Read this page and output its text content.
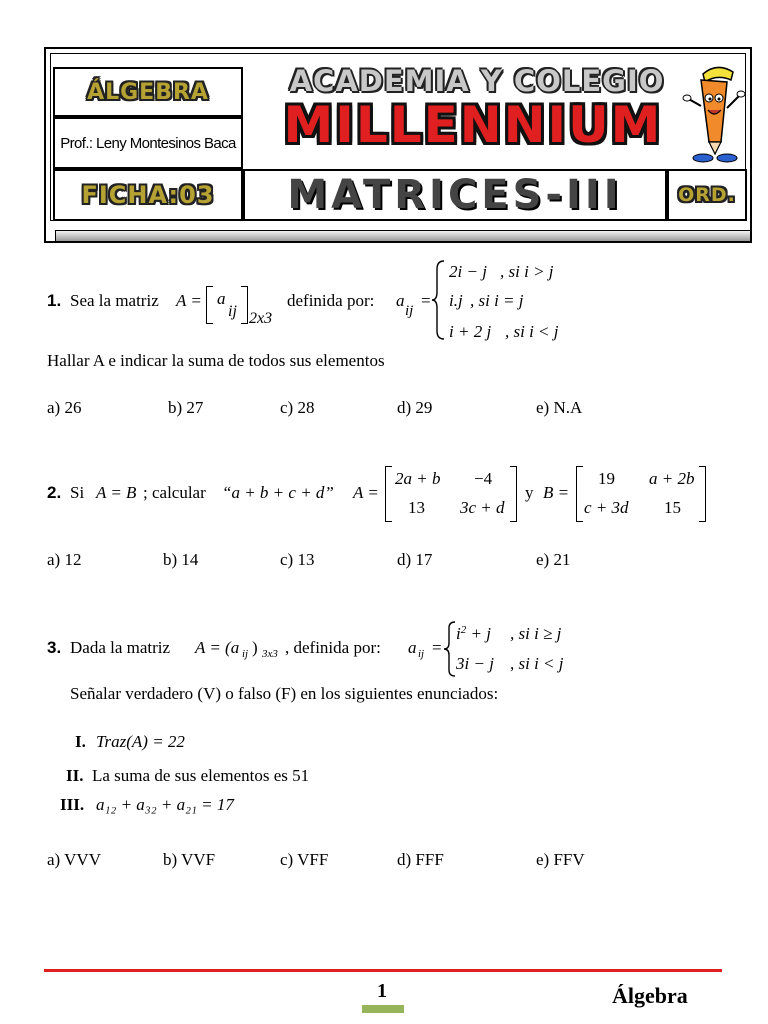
ÁLGEBRA
Prof.: Leny Montesinos Baca
FICHA:03 MATRICES-III	ORD.
ACADEMIA Y COLEGIO
MILLENNIUM
1. Sea la matriz A = a
ij 2x3
definida por: a
ij
=
2i − j , si i > j
i.j , si i = j
i + 2 j , si i < j
Hallar A e indicar la suma de todos sus elementos
a) 26	b) 27	c) 28	d) 29	e) N.A
2. Si A = B ; calcular “a + b + c + d” A =
2a + b −4
13 3c + d
y B =
19 a + 2b
c + 3d 15
a) 12	b) 14	c) 13	d) 17	e) 21
3. Dada la matriz A = (a ij ) 3x3 , definida por: a ij =
$i^2 + j$ , si i ≥ j
3i − j , si i < j
Señalar verdadero (V) o falso (F) en los siguientes enunciados:
I. Traz(A) = 22
II. La suma de sus elementos es 51
III. a₁₂ + a₃₂ + a₂₁ = 17
a) VVV	b) VVF	c) VFF	d) FFF	e) FFV
1	Álgebra
